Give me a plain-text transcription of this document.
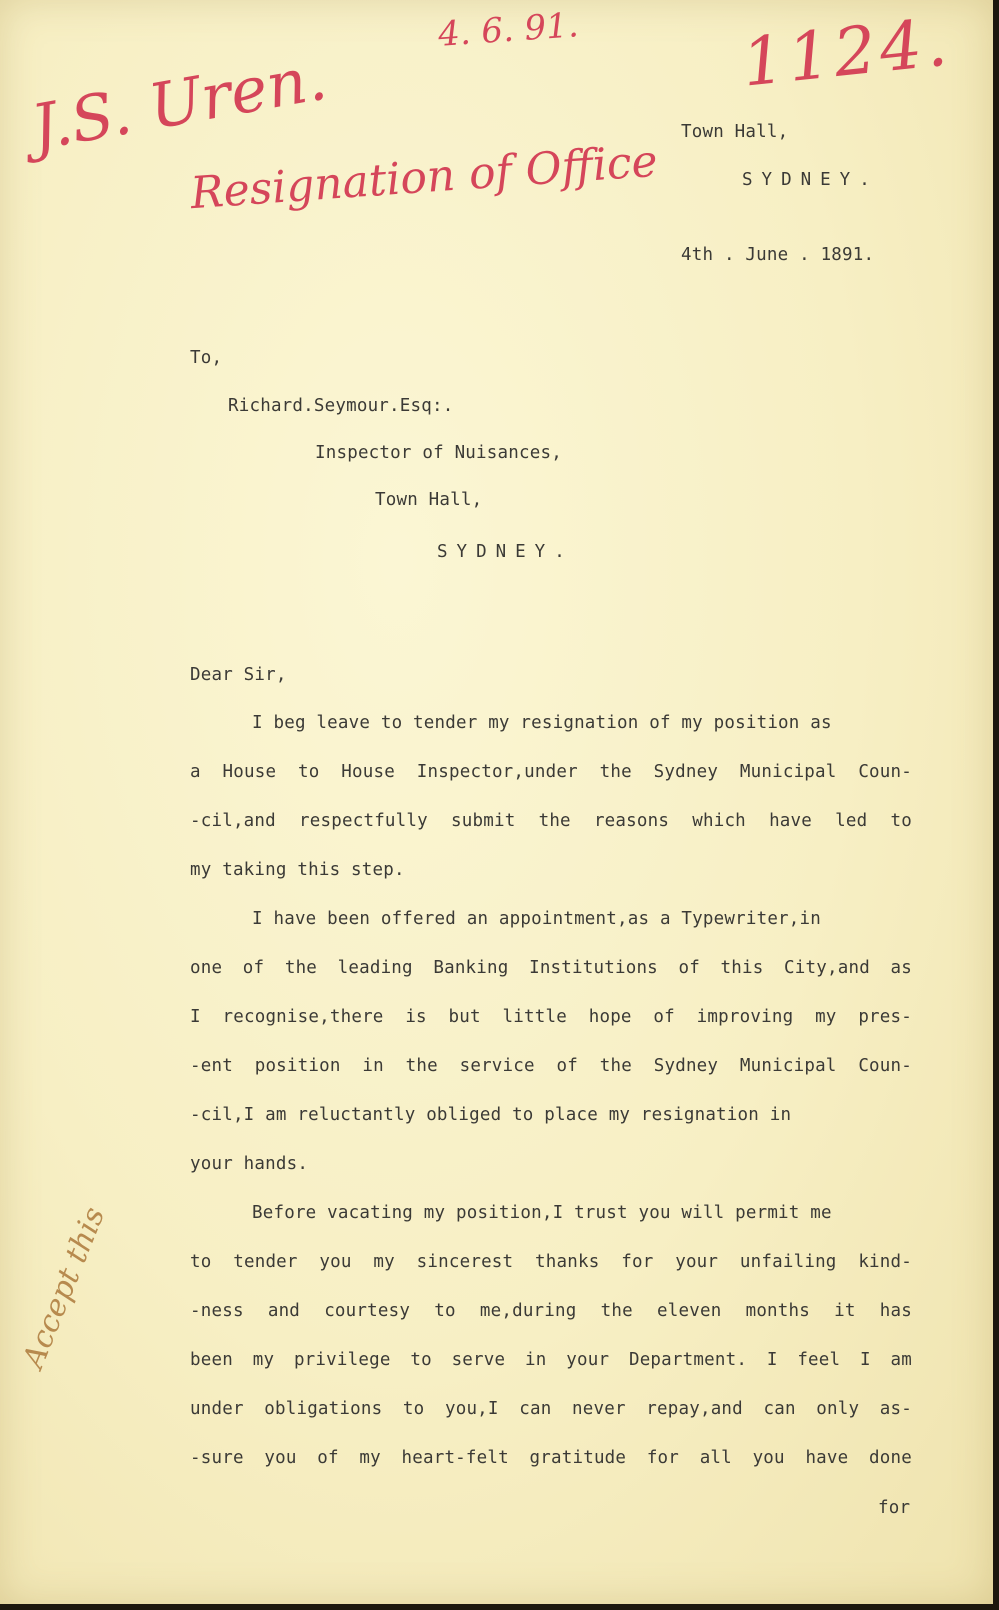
4. 6. 91. 1124.
J.S. Uren.
Resignation of Office
Town Hall,
SYDNEY.
4th . June . 1891.
To,
Richard.Seymour.Esq:.
Inspector of Nuisances,
Town Hall,
SYDNEY.
Dear Sir,
I beg leave to tender my resignation of my position as
a House to House Inspector,under the Sydney Municipal Coun-
-cil,and respectfully submit the reasons which have led to
my taking this step.
I have been offered an appointment,as a Typewriter,in
one of the leading Banking Institutions of this City,and as
I recognise,there is but little hope of improving my pres-
-ent position in the service of the Sydney Municipal Coun-
-cil,I am reluctantly obliged to place my resignation in
your hands.
Before vacating my position,I trust you will permit me
to tender you my sincerest thanks for your unfailing kind-
-ness and courtesy to me,during the eleven months it has
been my privilege to serve in your Department. I feel I am
under obligations to you,I can never repay,and can only as-
-sure you of my heart-felt gratitude for all you have done
for
Accept this
